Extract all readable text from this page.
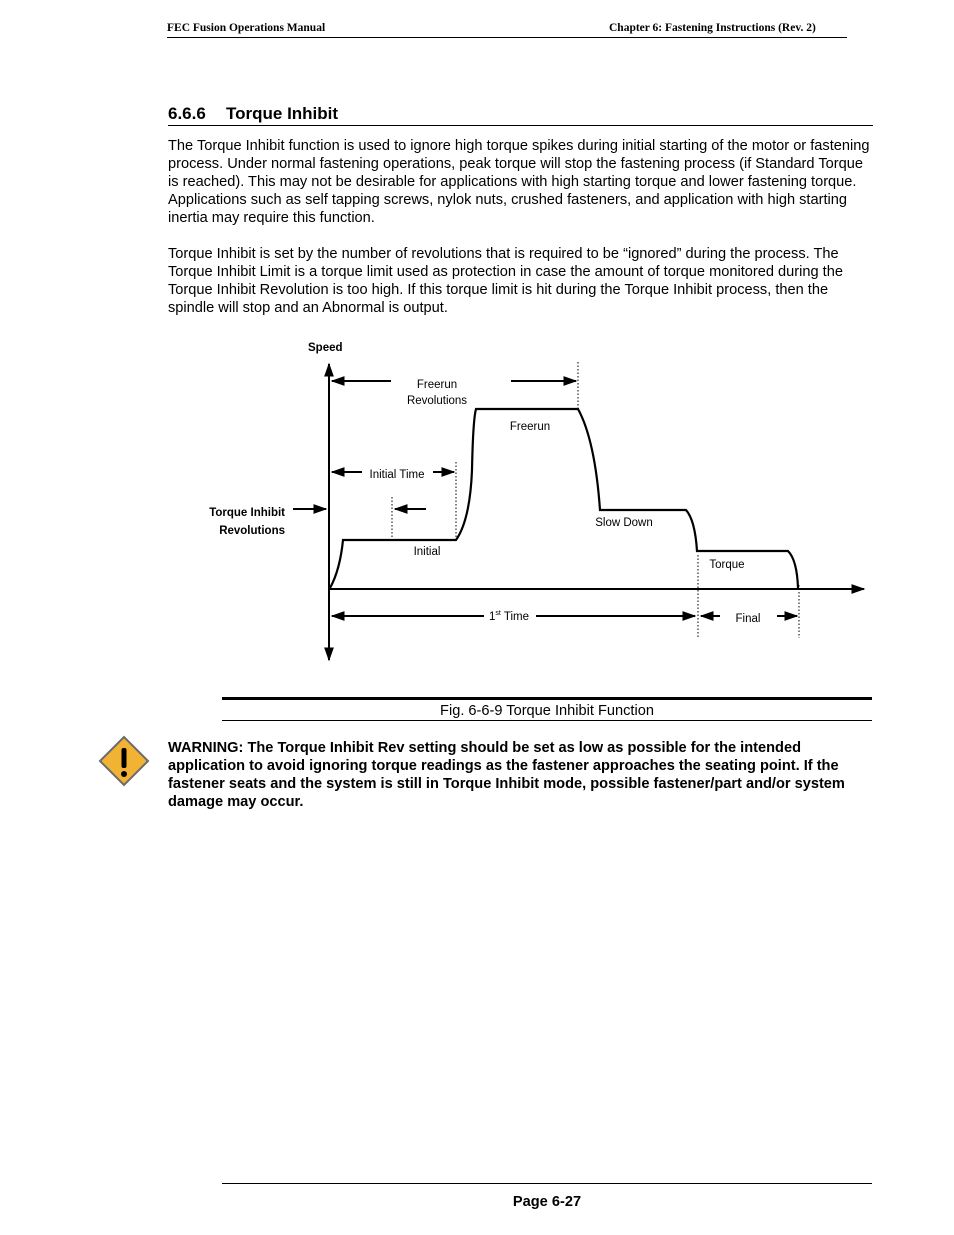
FEC Fusion Operations Manual	Chapter 6: Fastening Instructions (Rev. 2)
6.6.6 Torque Inhibit

The Torque Inhibit function is used to ignore high torque spikes during initial starting of the motor or fastening process. Under normal fastening operations, peak torque will stop the fastening process (if Standard Torque is reached). This may not be desirable for applications with high starting torque and lower fastening torque. Applications such as self tapping screws, nylok nuts, crushed fasteners, and application with high starting inertia may require this function.

Torque Inhibit is set by the number of revolutions that is required to be “ignored” during the process. The Torque Inhibit Limit is a torque limit used as protection in case the amount of torque monitored during the Torque Inhibit Revolution is too high. If this torque limit is hit during the Torque Inhibit process, then the spindle will stop and an Abnormal is output.

Speed
Freerun
Revolutions
Freerun
Initial Time
Torque Inhibit
Revolutions
Initial
Slow Down
Torque
1st Time	Final
Fig. 6-6-9 Torque Inhibit Function

WARNING: The Torque Inhibit Rev setting should be set as low as possible for the intended application to avoid ignoring torque readings as the fastener approaches the seating point. If the fastener seats and the system is still in Torque Inhibit mode, possible fastener/part and/or system damage may occur.

Page 6-27
